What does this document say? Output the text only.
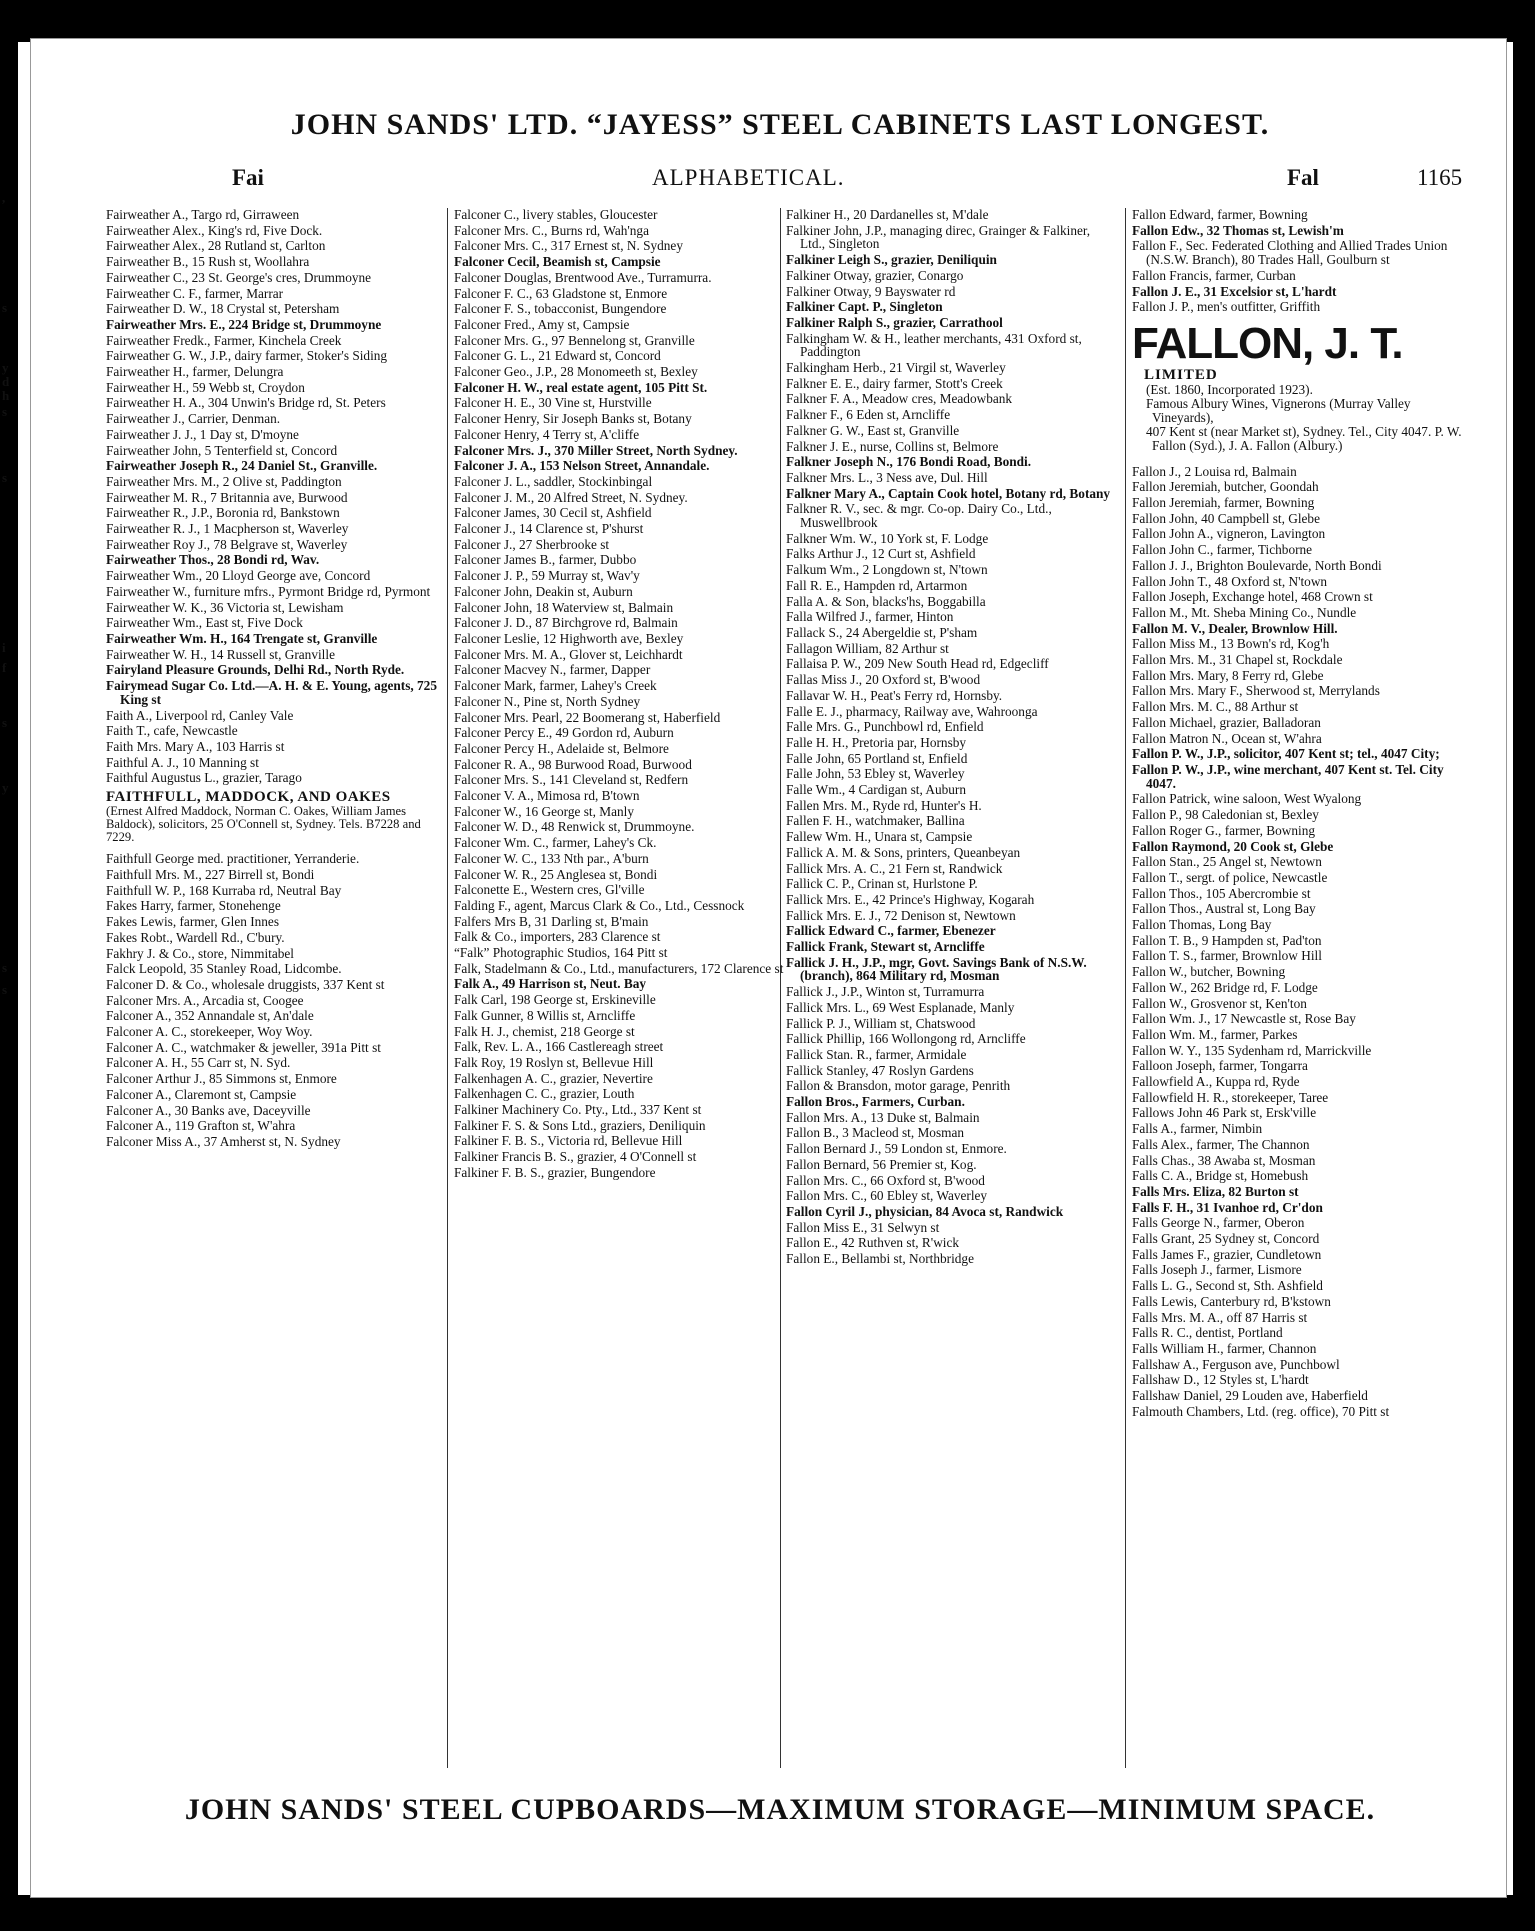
,
s
y
d
h
s
s
i
f
s
y
s
s
JOHN SANDS' LTD. “JAYESS” STEEL CABINETS LAST LONGEST.
Fai	ALPHABETICAL.	Fal	1165
Fairweather A., Targo rd, Girraween
Fairweather Alex., King's rd, Five Dock.
Fairweather Alex., 28 Rutland st, Carlton
Fairweather B., 15 Rush st, Woollahra
Fairweather C., 23 St. George's cres, Drummoyne
Fairweather C. F., farmer, Marrar
Fairweather D. W., 18 Crystal st, Petersham
Fairweather Mrs. E., 224 Bridge st, Drummoyne
Fairweather Fredk., Farmer, Kinchela Creek
Fairweather G. W., J.P., dairy farmer, Stoker's Siding
Fairweather H., farmer, Delungra
Fairweather H., 59 Webb st, Croydon
Fairweather H. A., 304 Unwin's Bridge rd, St. Peters
Fairweather J., Carrier, Denman.
Fairweather J. J., 1 Day st, D'moyne
Fairweather John, 5 Tenterfield st, Concord
Fairweather Joseph R., 24 Daniel St., Granville.
Fairweather Mrs. M., 2 Olive st, Paddington
Fairweather M. R., 7 Britannia ave, Burwood
Fairweather R., J.P., Boronia rd, Bankstown
Fairweather R. J., 1 Macpherson st, Waverley
Fairweather Roy J., 78 Belgrave st, Waverley
Fairweather Thos., 28 Bondi rd, Wav.
Fairweather Wm., 20 Lloyd George ave, Concord
Fairweather W., furniture mfrs., Pyrmont Bridge rd, Pyrmont
Fairweather W. K., 36 Victoria st, Lewisham
Fairweather Wm., East st, Five Dock
Fairweather Wm. H., 164 Trengate st, Granville
Fairweather W. H., 14 Russell st, Granville
Fairyland Pleasure Grounds, Delhi Rd., North Ryde.
Fairymead Sugar Co. Ltd.—A. H. & E. Young, agents, 725 King st
Faith A., Liverpool rd, Canley Vale
Faith T., cafe, Newcastle
Faith Mrs. Mary A., 103 Harris st
Faithful A. J., 10 Manning st
Faithful Augustus L., grazier, Tarago
FAITHFULL, MADDOCK, AND OAKES
(Ernest Alfred Maddock, Norman C. Oakes, William James Baldock), solicitors, 25 O'Connell st, Sydney. Tels. B7228 and 7229.
Faithfull George med. practitioner, Yerranderie.
Faithfull Mrs. M., 227 Birrell st, Bondi
Faithfull W. P., 168 Kurraba rd, Neutral Bay
Fakes Harry, farmer, Stonehenge
Fakes Lewis, farmer, Glen Innes
Fakes Robt., Wardell Rd., C'bury.
Fakhry J. & Co., store, Nimmitabel
Falck Leopold, 35 Stanley Road, Lidcombe.
Falconer D. & Co., wholesale druggists, 337 Kent st
Falconer Mrs. A., Arcadia st, Coogee
Falconer A., 352 Annandale st, An'dale
Falconer A. C., storekeeper, Woy Woy.
Falconer A. C., watchmaker & jeweller, 391a Pitt st
Falconer A. H., 55 Carr st, N. Syd.
Falconer Arthur J., 85 Simmons st, Enmore
Falconer A., Claremont st, Campsie
Falconer A., 30 Banks ave, Daceyville
Falconer A., 119 Grafton st, W'ahra
Falconer Miss A., 37 Amherst st, N. Sydney
Falconer C., livery stables, Gloucester
Falconer Mrs. C., Burns rd, Wah'nga
Falconer Mrs. C., 317 Ernest st, N. Sydney
Falconer Cecil, Beamish st, Campsie
Falconer Douglas, Brentwood Ave., Turramurra.
Falconer F. C., 63 Gladstone st, Enmore
Falconer F. S., tobacconist, Bungendore
Falconer Fred., Amy st, Campsie
Falconer Mrs. G., 97 Bennelong st, Granville
Falconer G. L., 21 Edward st, Concord
Falconer Geo., J.P., 28 Monomeeth st, Bexley
Falconer H. W., real estate agent, 105 Pitt St.
Falconer H. E., 30 Vine st, Hurstville
Falconer Henry, Sir Joseph Banks st, Botany
Falconer Henry, 4 Terry st, A'cliffe
Falconer Mrs. J., 370 Miller Street, North Sydney.
Falconer J. A., 153 Nelson Street, Annandale.
Falconer J. L., saddler, Stockinbingal
Falconer J. M., 20 Alfred Street, N. Sydney.
Falconer James, 30 Cecil st, Ashfield
Falconer J., 14 Clarence st, P'shurst
Falconer J., 27 Sherbrooke st
Falconer James B., farmer, Dubbo
Falconer J. P., 59 Murray st, Wav'y
Falconer John, Deakin st, Auburn
Falconer John, 18 Waterview st, Balmain
Falconer J. D., 87 Birchgrove rd, Balmain
Falconer Leslie, 12 Highworth ave, Bexley
Falconer Mrs. M. A., Glover st, Leichhardt
Falconer Macvey N., farmer, Dapper
Falconer Mark, farmer, Lahey's Creek
Falconer N., Pine st, North Sydney
Falconer Mrs. Pearl, 22 Boomerang st, Haberfield
Falconer Percy E., 49 Gordon rd, Auburn
Falconer Percy H., Adelaide st, Belmore
Falconer R. A., 98 Burwood Road, Burwood
Falconer Mrs. S., 141 Cleveland st, Redfern
Falconer V. A., Mimosa rd, B'town
Falconer W., 16 George st, Manly
Falconer W. D., 48 Renwick st, Drummoyne.
Falconer Wm. C., farmer, Lahey's Ck.
Falconer W. C., 133 Nth par., A'burn
Falconer W. R., 25 Anglesea st, Bondi
Falconette E., Western cres, Gl'ville
Falding F., agent, Marcus Clark & Co., Ltd., Cessnock
Falfers Mrs B, 31 Darling st, B'main
Falk & Co., importers, 283 Clarence st
“Falk” Photographic Studios, 164 Pitt st
Falk, Stadelmann & Co., Ltd., manufacturers, 172 Clarence st
Falk A., 49 Harrison st, Neut. Bay
Falk Carl, 198 George st, Erskineville
Falk Gunner, 8 Willis st, Arncliffe
Falk H. J., chemist, 218 George st
Falk, Rev. L. A., 166 Castlereagh street
Falk Roy, 19 Roslyn st, Bellevue Hill
Falkenhagen A. C., grazier, Nevertire
Falkenhagen C. C., grazier, Louth
Falkiner Machinery Co. Pty., Ltd., 337 Kent st
Falkiner F. S. & Sons Ltd., graziers, Deniliquin
Falkiner F. B. S., Victoria rd, Bellevue Hill
Falkiner Francis B. S., grazier, 4 O'Connell st
Falkiner F. B. S., grazier, Bungendore
Falkiner H., 20 Dardanelles st, M'dale
Falkiner John, J.P., managing direc, Grainger & Falkiner, Ltd., Singleton
Falkiner Leigh S., grazier, Deniliquin
Falkiner Otway, grazier, Conargo
Falkiner Otway, 9 Bayswater rd
Falkiner Capt. P., Singleton
Falkiner Ralph S., grazier, Carrathool
Falkingham W. & H., leather merchants, 431 Oxford st, Paddington
Falkingham Herb., 21 Virgil st, Waverley
Falkner E. E., dairy farmer, Stott's Creek
Falkner F. A., Meadow cres, Meadowbank
Falkner F., 6 Eden st, Arncliffe
Falkner G. W., East st, Granville
Falkner J. E., nurse, Collins st, Belmore
Falkner Joseph N., 176 Bondi Road, Bondi.
Falkner Mrs. L., 3 Ness ave, Dul. Hill
Falkner Mary A., Captain Cook hotel, Botany rd, Botany
Falkner R. V., sec. & mgr. Co-op. Dairy Co., Ltd., Muswellbrook
Falkner Wm. W., 10 York st, F. Lodge
Falks Arthur J., 12 Curt st, Ashfield
Falkum Wm., 2 Longdown st, N'town
Fall R. E., Hampden rd, Artarmon
Falla A. & Son, blacks'hs, Boggabilla
Falla Wilfred J., farmer, Hinton
Fallack S., 24 Abergeldie st, P'sham
Fallagon William, 82 Arthur st
Fallaisa P. W., 209 New South Head rd, Edgecliff
Fallas Miss J., 20 Oxford st, B'wood
Fallavar W. H., Peat's Ferry rd, Hornsby.
Falle E. J., pharmacy, Railway ave, Wahroonga
Falle Mrs. G., Punchbowl rd, Enfield
Falle H. H., Pretoria par, Hornsby
Falle John, 65 Portland st, Enfield
Falle John, 53 Ebley st, Waverley
Falle Wm., 4 Cardigan st, Auburn
Fallen Mrs. M., Ryde rd, Hunter's H.
Fallen F. H., watchmaker, Ballina
Fallew Wm. H., Unara st, Campsie
Fallick A. M. & Sons, printers, Queanbeyan
Fallick Mrs. A. C., 21 Fern st, Randwick
Fallick C. P., Crinan st, Hurlstone P.
Fallick Mrs. E., 42 Prince's Highway, Kogarah
Fallick Mrs. E. J., 72 Denison st, Newtown
Fallick Edward C., farmer, Ebenezer
Fallick Frank, Stewart st, Arncliffe
Fallick J. H., J.P., mgr, Govt. Savings Bank of N.S.W. (branch), 864 Military rd, Mosman
Fallick J., J.P., Winton st, Turramurra
Fallick Mrs. L., 69 West Esplanade, Manly
Fallick P. J., William st, Chatswood
Fallick Phillip, 166 Wollongong rd, Arncliffe
Fallick Stan. R., farmer, Armidale
Fallick Stanley, 47 Roslyn Gardens
Fallon & Bransdon, motor garage, Penrith
Fallon Bros., Farmers, Curban.
Fallon Mrs. A., 13 Duke st, Balmain
Fallon B., 3 Macleod st, Mosman
Fallon Bernard J., 59 London st, Enmore.
Fallon Bernard, 56 Premier st, Kog.
Fallon Mrs. C., 66 Oxford st, B'wood
Fallon Mrs. C., 60 Ebley st, Waverley
Fallon Cyril J., physician, 84 Avoca st, Randwick
Fallon Miss E., 31 Selwyn st
Fallon E., 42 Ruthven st, R'wick
Fallon E., Bellambi st, Northbridge
Fallon Edward, farmer, Bowning
Fallon Edw., 32 Thomas st, Lewish'm
Fallon F., Sec. Federated Clothing and Allied Trades Union (N.S.W. Branch), 80 Trades Hall, Goulburn st
Fallon Francis, farmer, Curban
Fallon J. E., 31 Excelsior st, L'hardt
Fallon J. P., men's outfitter, Griffith
FALLON, J. T. LIMITED
(Est. 1860, Incorporated 1923).
Famous Albury Wines, Vignerons (Murray Valley Vineyards),
407 Kent st (near Market st), Sydney. Tel., City 4047. P. W. Fallon (Syd.), J. A. Fallon (Albury.)
Fallon J., 2 Louisa rd, Balmain
Fallon Jeremiah, butcher, Goondah
Fallon Jeremiah, farmer, Bowning
Fallon John, 40 Campbell st, Glebe
Fallon John A., vigneron, Lavington
Fallon John C., farmer, Tichborne
Fallon J. J., Brighton Boulevarde, North Bondi
Fallon John T., 48 Oxford st, N'town
Fallon Joseph, Exchange hotel, 468 Crown st
Fallon M., Mt. Sheba Mining Co., Nundle
Fallon M. V., Dealer, Brownlow Hill.
Fallon Miss M., 13 Bown's rd, Kog'h
Fallon Mrs. M., 31 Chapel st, Rockdale
Fallon Mrs. Mary, 8 Ferry rd, Glebe
Fallon Mrs. Mary F., Sherwood st, Merrylands
Fallon Mrs. M. C., 88 Arthur st
Fallon Michael, grazier, Balladoran
Fallon Matron N., Ocean st, W'ahra
Fallon P. W., J.P., solicitor, 407 Kent st; tel., 4047 City;
Fallon P. W., J.P., wine merchant, 407 Kent st. Tel. City 4047.
Fallon Patrick, wine saloon, West Wyalong
Fallon P., 98 Caledonian st, Bexley
Fallon Roger G., farmer, Bowning
Fallon Raymond, 20 Cook st, Glebe
Fallon Stan., 25 Angel st, Newtown
Fallon T., sergt. of police, Newcastle
Fallon Thos., 105 Abercrombie st
Fallon Thos., Austral st, Long Bay
Fallon Thomas, Long Bay
Fallon T. B., 9 Hampden st, Pad'ton
Fallon T. S., farmer, Brownlow Hill
Fallon W., butcher, Bowning
Fallon W., 262 Bridge rd, F. Lodge
Fallon W., Grosvenor st, Ken'ton
Fallon Wm. J., 17 Newcastle st, Rose Bay
Fallon Wm. M., farmer, Parkes
Fallon W. Y., 135 Sydenham rd, Marrickville
Falloon Joseph, farmer, Tongarra
Fallowfield A., Kuppa rd, Ryde
Fallowfield H. R., storekeeper, Taree
Fallows John 46 Park st, Ersk'ville
Falls A., farmer, Nimbin
Falls Alex., farmer, The Channon
Falls Chas., 38 Awaba st, Mosman
Falls C. A., Bridge st, Homebush
Falls Mrs. Eliza, 82 Burton st
Falls F. H., 31 Ivanhoe rd, Cr'don
Falls George N., farmer, Oberon
Falls Grant, 25 Sydney st, Concord
Falls James F., grazier, Cundletown
Falls Joseph J., farmer, Lismore
Falls L. G., Second st, Sth. Ashfield
Falls Lewis, Canterbury rd, B'kstown
Falls Mrs. M. A., off 87 Harris st
Falls R. C., dentist, Portland
Falls William H., farmer, Channon
Fallshaw A., Ferguson ave, Punchbowl
Fallshaw D., 12 Styles st, L'hardt
Fallshaw Daniel, 29 Louden ave, Haberfield
Falmouth Chambers, Ltd. (reg. office), 70 Pitt st
JOHN SANDS' STEEL CUPBOARDS—MAXIMUM STORAGE—MINIMUM SPACE.
